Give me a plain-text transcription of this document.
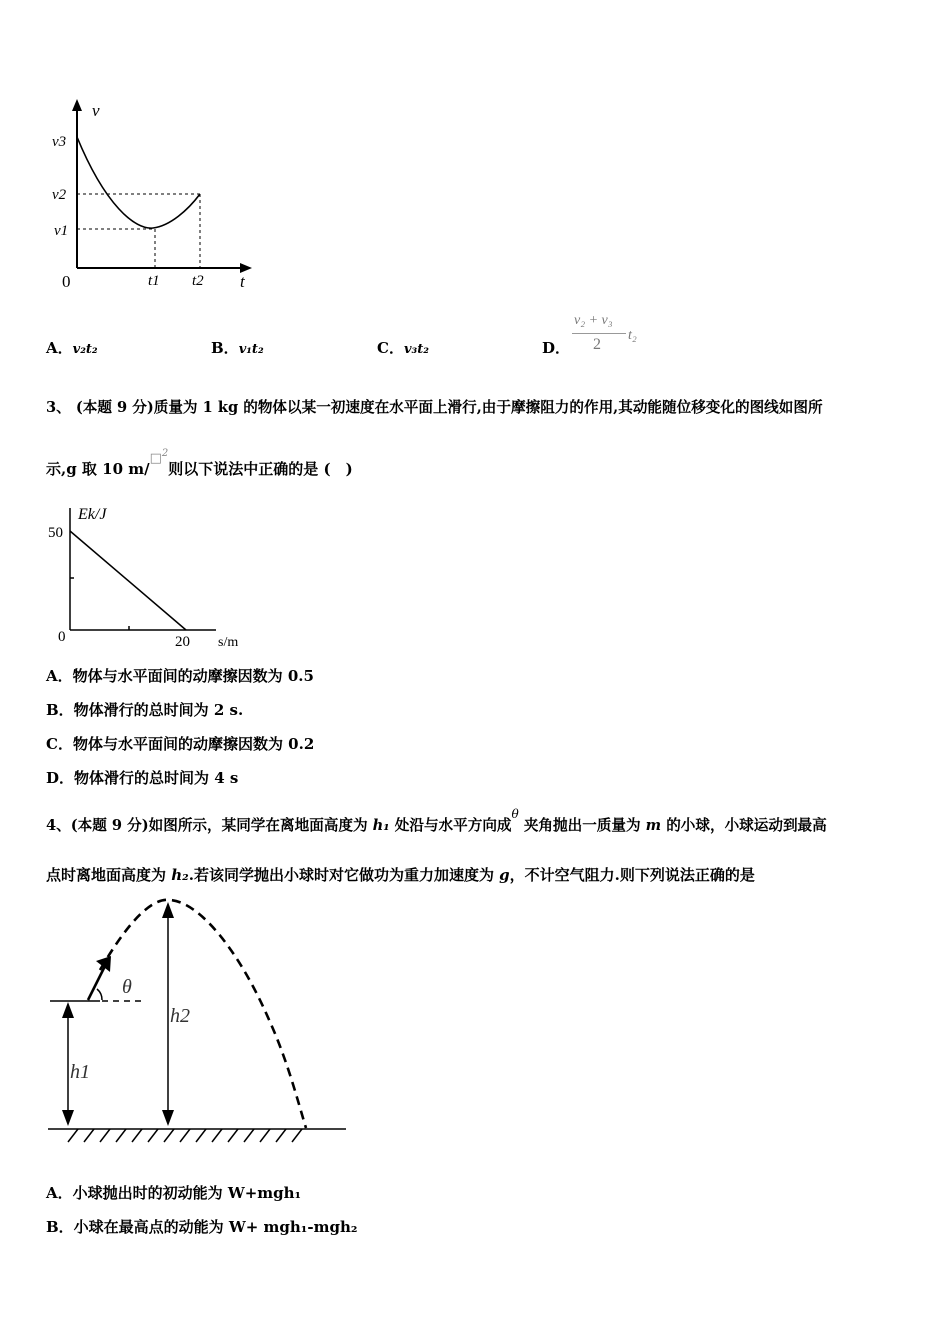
v
v3
v2
v1
0	t1 t2 t
A．v₂t₂	B．v₁t₂	C．v₃t₂	D．
v₂ + v₃
2
t₂
3、 (本题 9 分)质量为 1 kg 的物体以某一初速度在水平面上滑行,由于摩擦阻力的作用,其动能随位移变化的图线如图所
示,g 取 10 m/□$^2$则以下说法中正确的是 (　)
Ek/J
50
0	20 s/m
A．物体与水平面间的动摩擦因数为 0.5
B．物体滑行的总时间为 2 s.
C．物体与水平面间的动摩擦因数为 0.2
D．物体滑行的总时间为 4 s
4、(本题 9 分)如图所示，某同学在离地面高度为 h₁ 处沿与水平方向成$^\theta$ 夹角抛出一质量为 m 的小球，小球运动到最高
点时离地面高度为 h₂.若该同学抛出小球时对它做功为重力加速度为 g，不计空气阻力.则下列说法正确的是
θ
h2
h1
A．小球抛出时的初动能为 W+mgh₁
B．小球在最高点的动能为 W+ mgh₁-mgh₂
